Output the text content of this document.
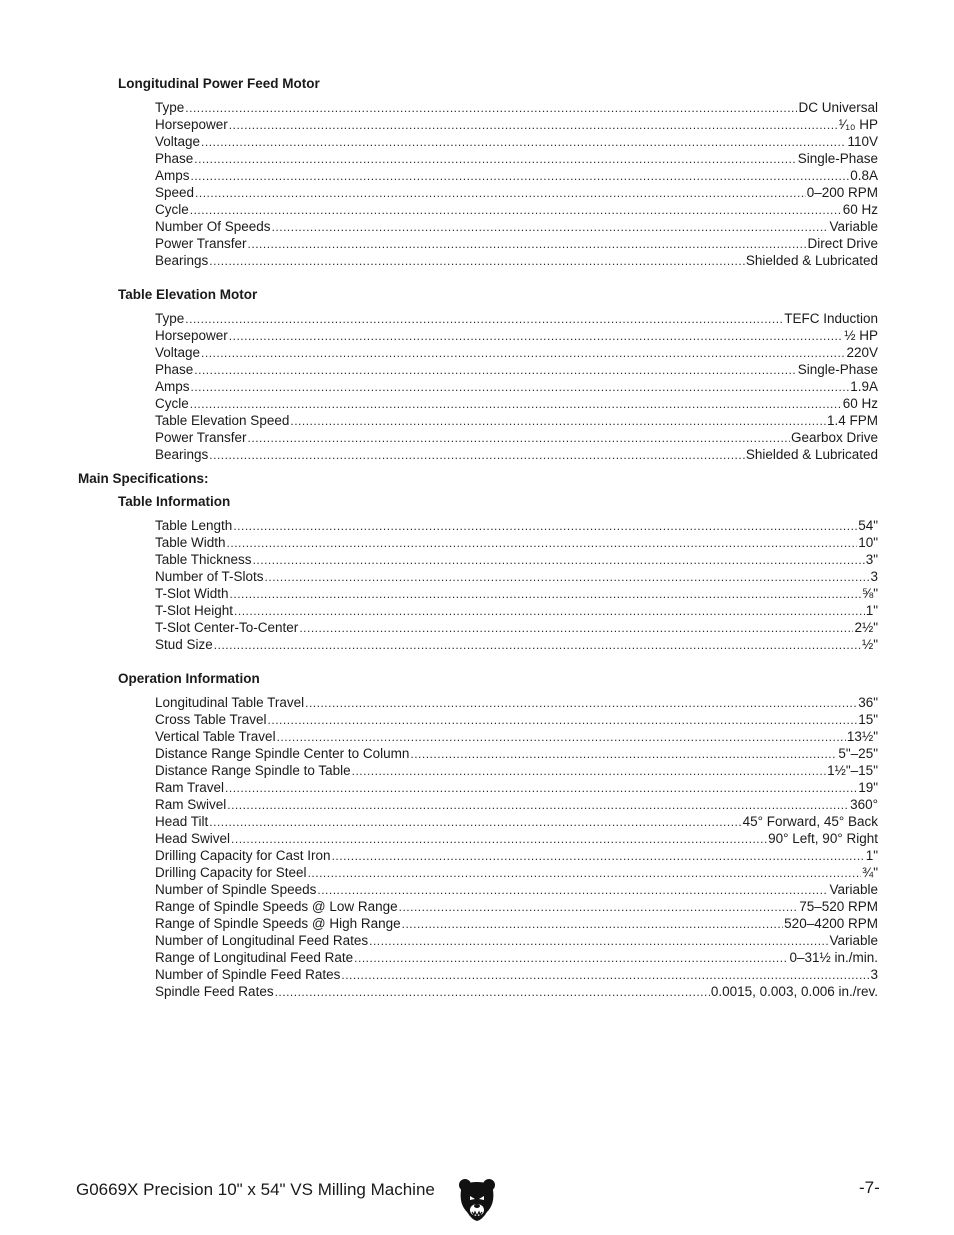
Longitudinal Power Feed Motor
Type .....	DC Universal
Horsepower .....	¹⁄₁₀ HP
Voltage .....	110V
Phase .....	Single-Phase
Amps .....	0.8A
Speed .....	0–200 RPM
Cycle .....	60 Hz
Number Of Speeds .....	Variable
Power Transfer .....	Direct Drive
Bearings .....	Shielded & Lubricated
Table Elevation Motor
Type .....	TEFC Induction
Horsepower .....	½ HP
Voltage .....	220V
Phase .....	Single-Phase
Amps .....	1.9A
Cycle .....	60 Hz
Table Elevation Speed .....	1.4 FPM
Power Transfer .....	Gearbox Drive
Bearings .....	Shielded & Lubricated
Main Specifications:
Table Information
Table Length .....	54"
Table Width .....	10"
Table Thickness .....	3"
Number of T-Slots .....	3
T-Slot Width .....	⅝"
T-Slot Height .....	1"
T-Slot Center-To-Center .....	2½"
Stud Size .....	½"
Operation Information
Longitudinal Table Travel .....	36"
Cross Table Travel .....	15"
Vertical Table Travel .....	13½"
Distance Range Spindle Center to Column .....	5"–25"
Distance Range Spindle to Table .....	1½"–15"
Ram Travel .....	19"
Ram Swivel .....	360°
Head Tilt .....	45° Forward, 45° Back
Head Swivel .....	90° Left, 90° Right
Drilling Capacity for Cast Iron .....	1"
Drilling Capacity for Steel .....	¾"
Number of Spindle Speeds .....	Variable
Range of Spindle Speeds @ Low Range .....	75–520 RPM
Range of Spindle Speeds @ High Range .....	520–4200 RPM
Number of Longitudinal Feed Rates .....	Variable
Range of Longitudinal Feed Rate .....	0–31½ in./min.
Number of Spindle Feed Rates .....	3
Spindle Feed Rates .....	0.0015, 0.003, 0.006 in./rev.
G0669X Precision 10" x 54" VS Milling Machine	-7-
